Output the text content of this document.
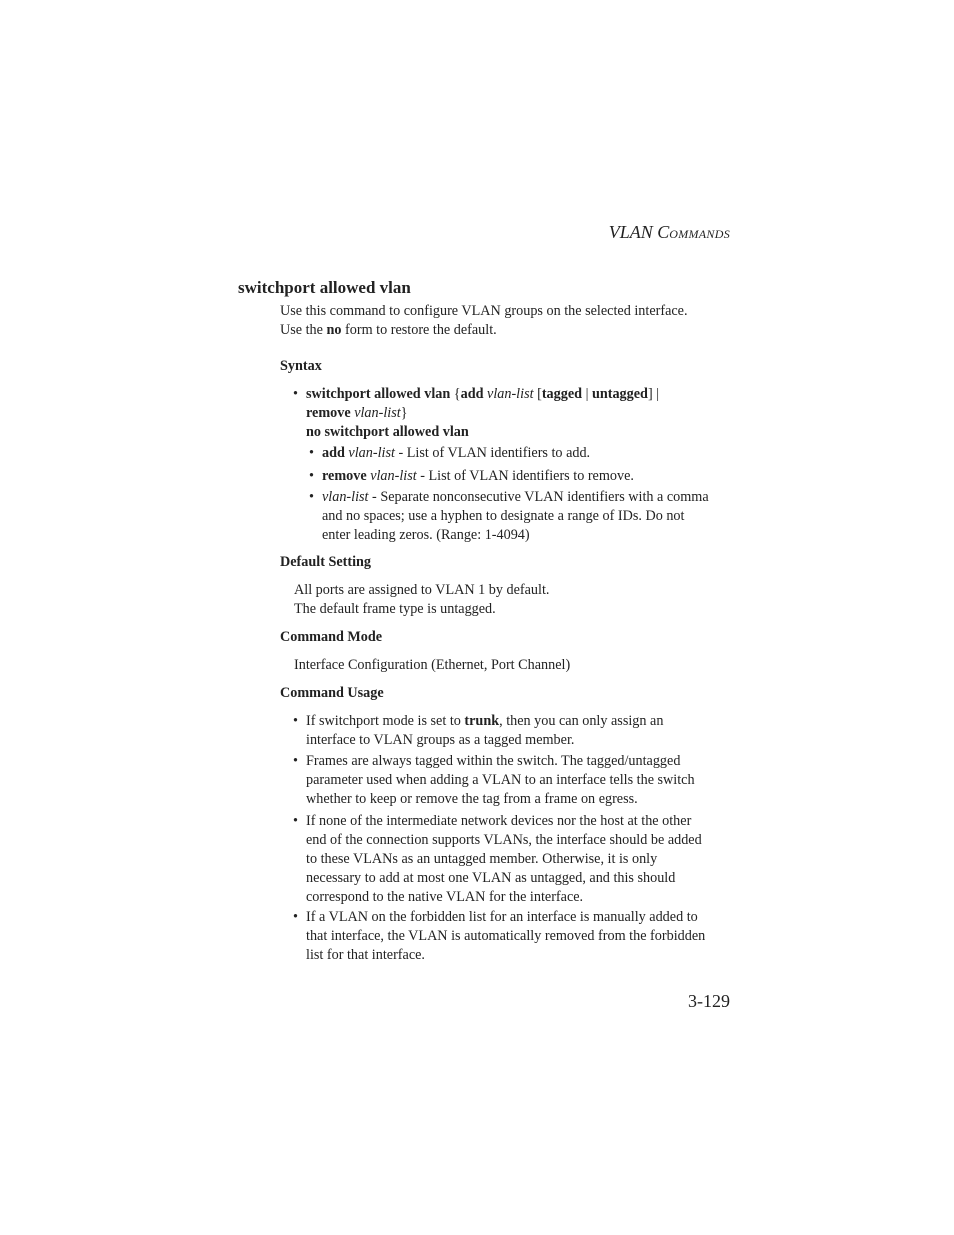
VLAN COMMANDS
switchport allowed vlan
Use this command to configure VLAN groups on the selected interface.
Use the no form to restore the default.
Syntax
• switchport allowed vlan {add vlan-list [tagged | untagged] |
remove vlan-list}
no switchport allowed vlan
• add vlan-list - List of VLAN identifiers to add.
• remove vlan-list - List of VLAN identifiers to remove.
• vlan-list - Separate nonconsecutive VLAN identifiers with a comma
and no spaces; use a hyphen to designate a range of IDs. Do not
enter leading zeros. (Range: 1-4094)
Default Setting
All ports are assigned to VLAN 1 by default.
The default frame type is untagged.
Command Mode
Interface Configuration (Ethernet, Port Channel)
Command Usage
• If switchport mode is set to trunk, then you can only assign an
interface to VLAN groups as a tagged member.
• Frames are always tagged within the switch. The tagged/untagged
parameter used when adding a VLAN to an interface tells the switch
whether to keep or remove the tag from a frame on egress.
• If none of the intermediate network devices nor the host at the other
end of the connection supports VLANs, the interface should be added
to these VLANs as an untagged member. Otherwise, it is only
necessary to add at most one VLAN as untagged, and this should
correspond to the native VLAN for the interface.
• If a VLAN on the forbidden list for an interface is manually added to
that interface, the VLAN is automatically removed from the forbidden
list for that interface.
3-129
